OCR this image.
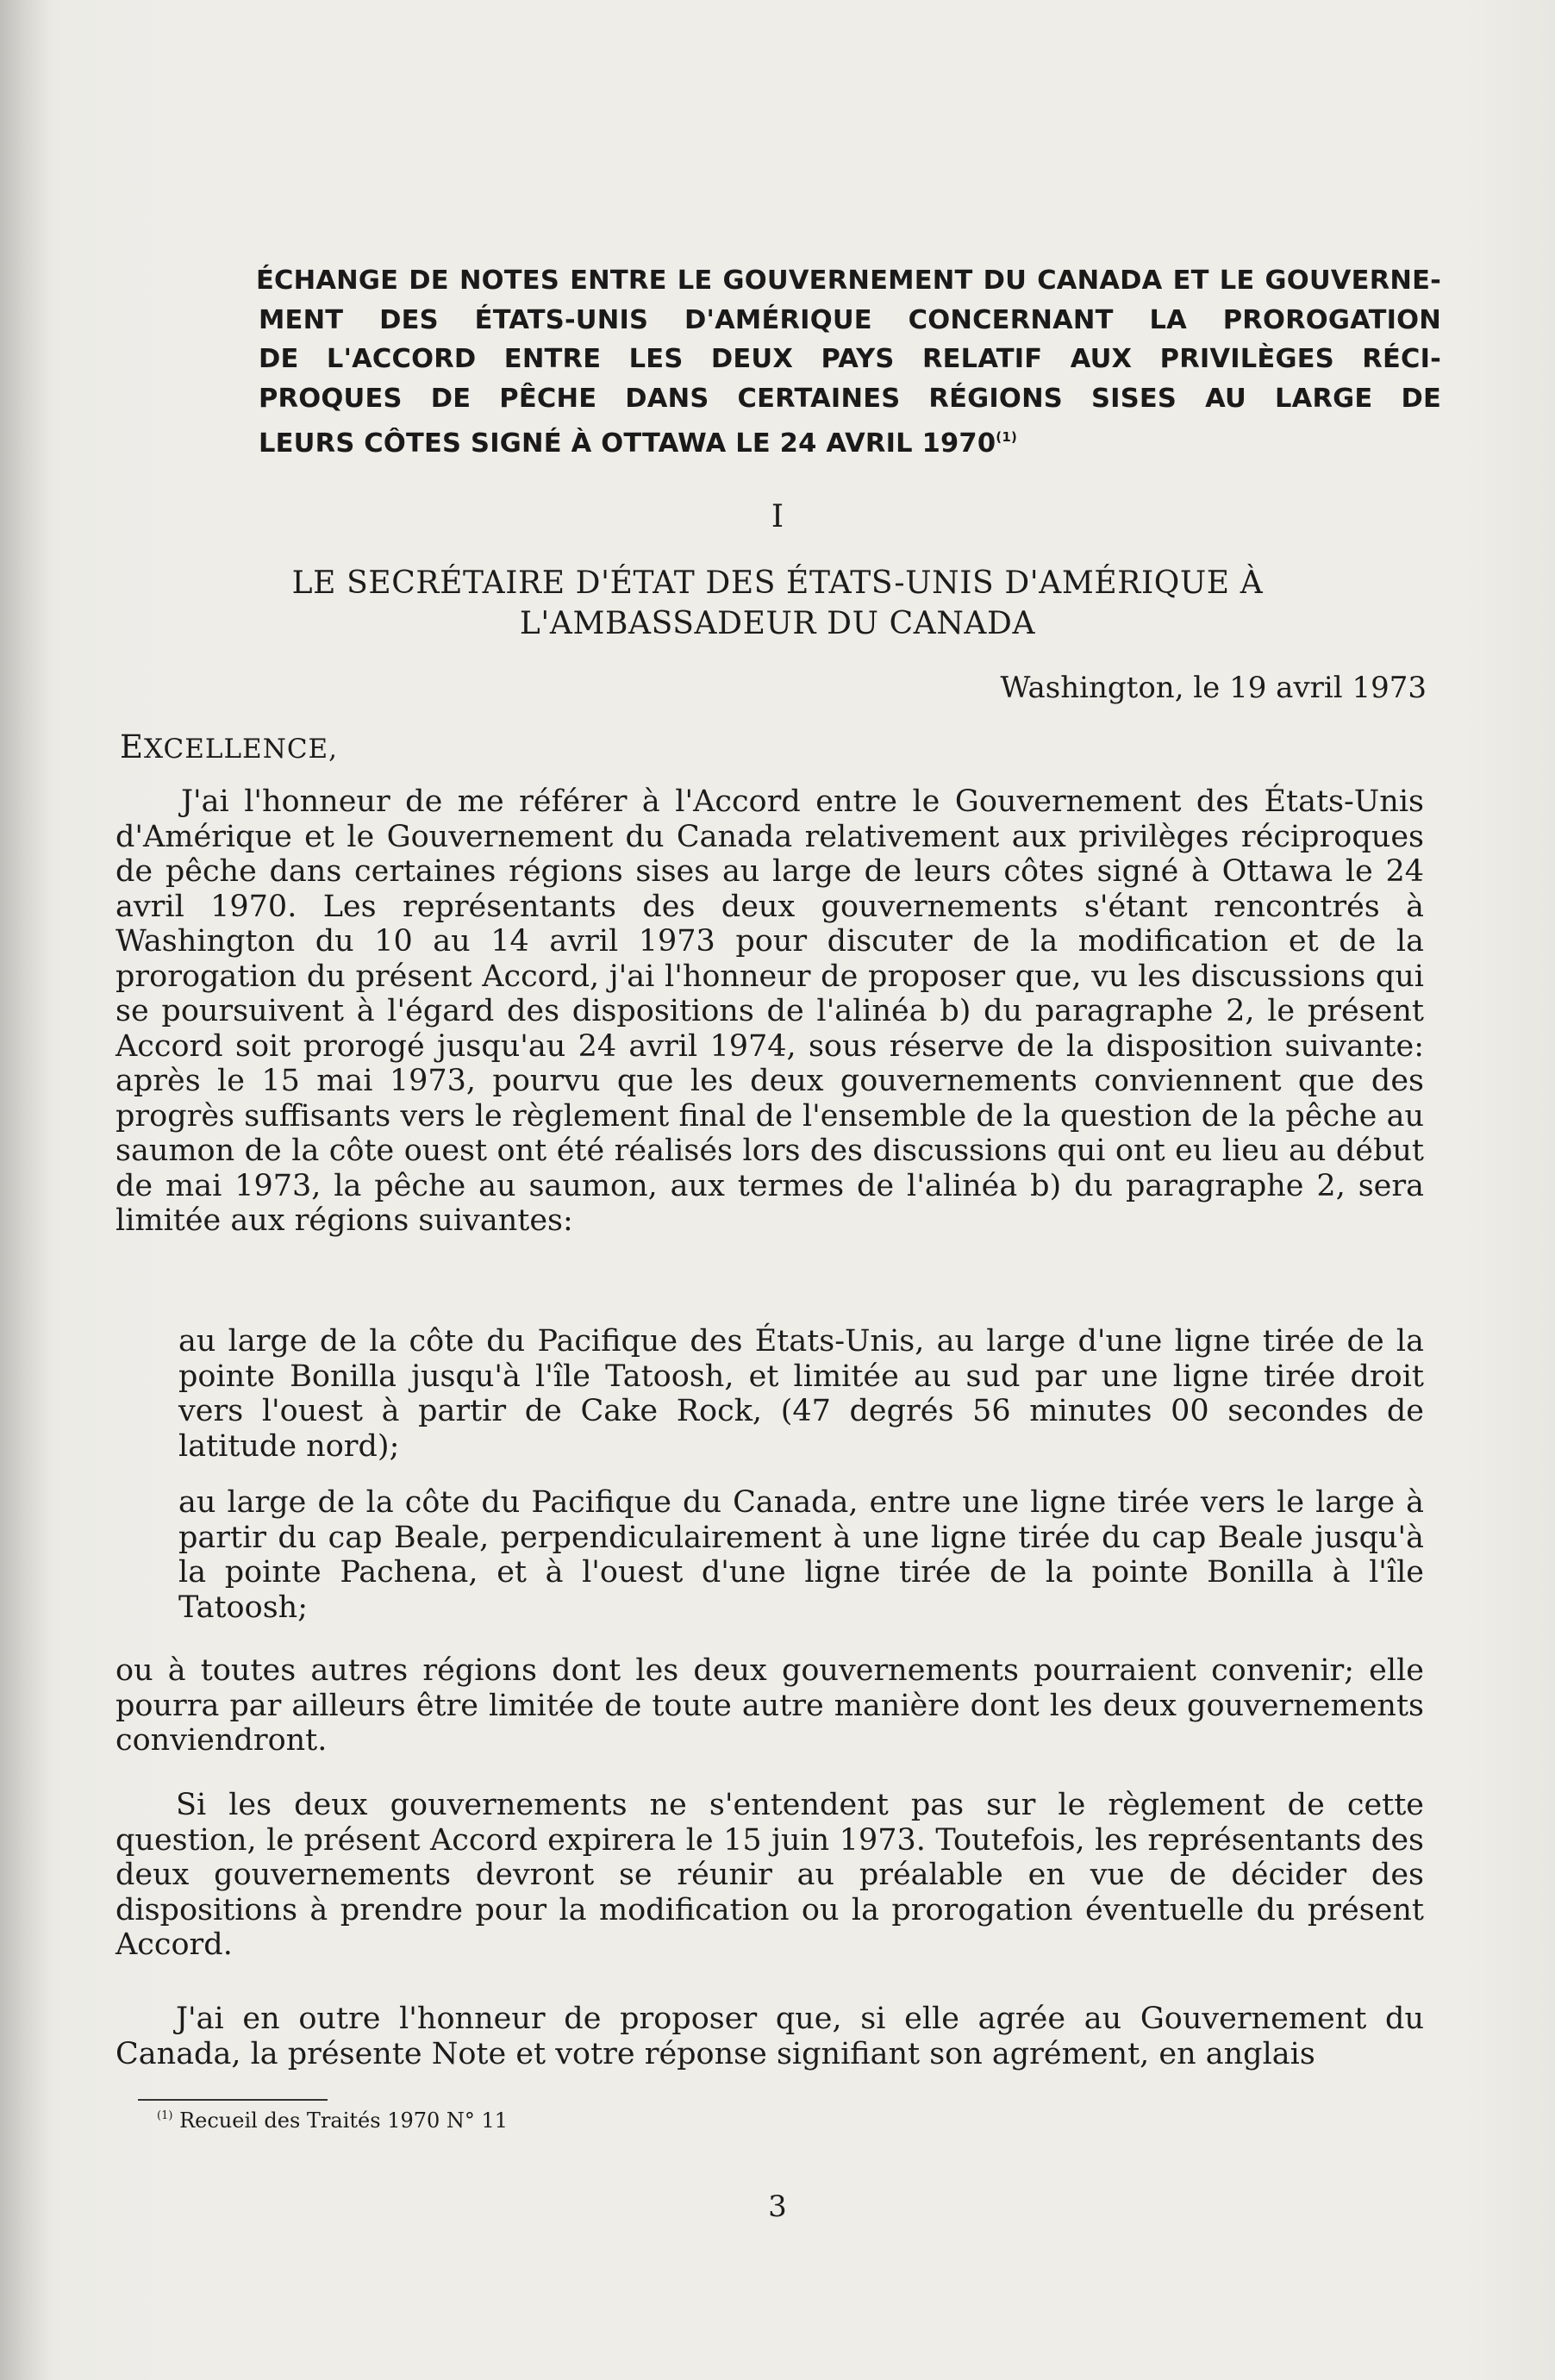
ÉCHANGE DE NOTES ENTRE LE GOUVERNEMENT DU CANADA ET LE GOUVERNE-
MENT DES ÉTATS-UNIS D'AMÉRIQUE CONCERNANT LA PROROGATION
DE L'ACCORD ENTRE LES DEUX PAYS RELATIF AUX PRIVILÈGES RÉCI-
PROQUES DE PÊCHE DANS CERTAINES RÉGIONS SISES AU LARGE DE
LEURS CÔTES SIGNÉ À OTTAWA LE 24 AVRIL 1970$^{(1)}$
I
LE SECRÉTAIRE D'ÉTAT DES ÉTATS-UNIS D'AMÉRIQUE À
L'AMBASSADEUR DU CANADA
Washington, le 19 avril 1973
EXCELLENCE,

J'ai l'honneur de me référer à l'Accord entre le Gouvernement des États-Unis d'Amérique et le Gouvernement du Canada relativement aux privilèges réciproques de pêche dans certaines régions sises au large de leurs côtes signé à Ottawa le 24 avril 1970. Les représentants des deux gouvernements s'étant rencontrés à Washington du 10 au 14 avril 1973 pour discuter de la modification et de la prorogation du présent Accord, j'ai l'honneur de proposer que, vu les discussions qui se poursuivent à l'égard des dispositions de l'alinéa b) du paragraphe 2, le présent Accord soit prorogé jusqu'au 24 avril 1974, sous réserve de la disposition suivante: après le 15 mai 1973, pourvu que les deux gouvernements conviennent que des progrès suffisants vers le règlement final de l'ensemble de la question de la pêche au saumon de la côte ouest ont été réalisés lors des discussions qui ont eu lieu au début de mai 1973, la pêche au saumon, aux termes de l'alinéa b) du paragraphe 2, sera limitée aux régions suivantes:

au large de la côte du Pacifique des États-Unis, au large d'une ligne tirée de la pointe Bonilla jusqu'à l'île Tatoosh, et limitée au sud par une ligne tirée droit vers l'ouest à partir de Cake Rock, (47 degrés 56 minutes 00 secondes de latitude nord);

au large de la côte du Pacifique du Canada, entre une ligne tirée vers le large à partir du cap Beale, perpendiculairement à une ligne tirée du cap Beale jusqu'à la pointe Pachena, et à l'ouest d'une ligne tirée de la pointe Bonilla à l'île Tatoosh;

ou à toutes autres régions dont les deux gouvernements pourraient convenir; elle pourra par ailleurs être limitée de toute autre manière dont les deux gouvernements conviendront.

Si les deux gouvernements ne s'entendent pas sur le règlement de cette question, le présent Accord expirera le 15 juin 1973. Toutefois, les représentants des deux gouvernements devront se réunir au préalable en vue de décider des dispositions à prendre pour la modification ou la prorogation éventuelle du présent Accord.

J'ai en outre l'honneur de proposer que, si elle agrée au Gouvernement du Canada, la présente Note et votre réponse signifiant son agrément, en anglais

$^{(1)}$ Recueil des Traités 1970 N° 11
3
